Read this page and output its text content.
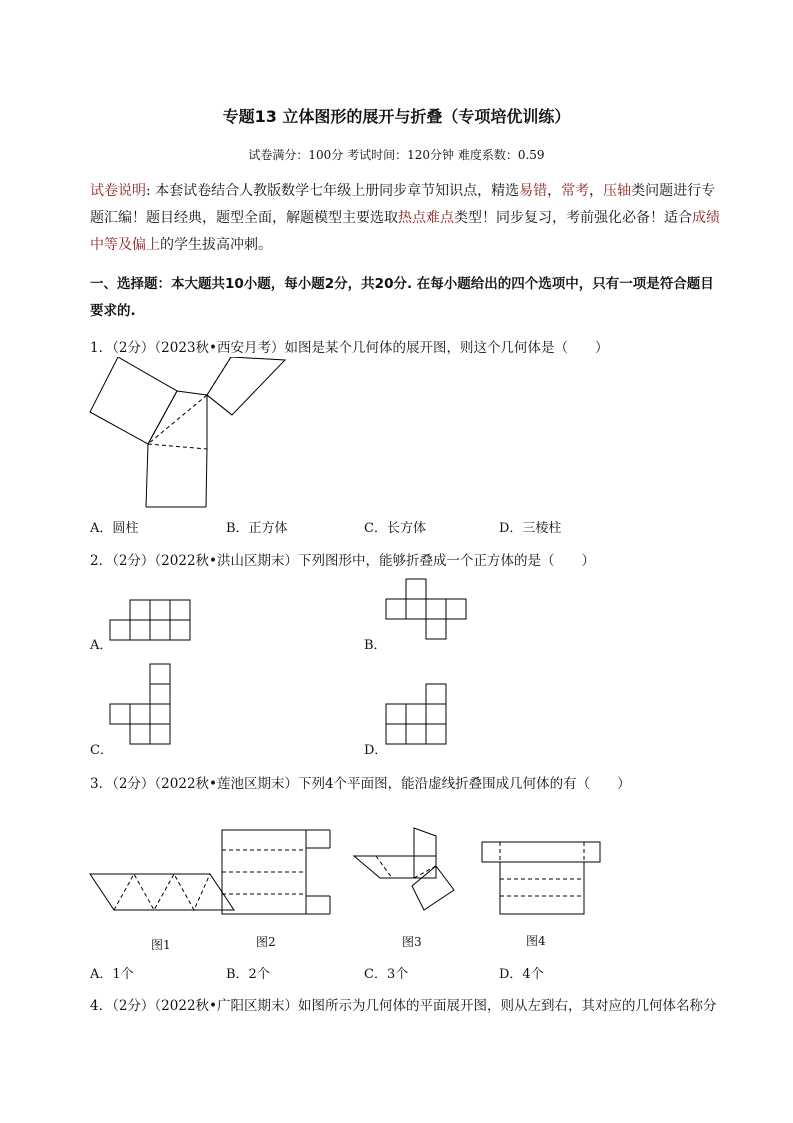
专题13 立体图形的展开与折叠（专项培优训练）
试卷满分：100分 考试时间：120分钟 难度系数：0.59
试卷说明: 本套试卷结合人教版数学七年级上册同步章节知识点，精选易错，常考，压轴类问题进行专题汇编！题目经典，题型全面，解题模型主要选取热点难点类型！同步复习，考前强化必备！适合成绩中等及偏上的学生拔高冲刺。
一、选择题：本大题共10小题，每小题2分，共20分. 在每小题给出的四个选项中，只有一项是符合题目要求的.
1．（2分）（2023秋•西安月考）如图是某个几何体的展开图，则这个几何体是（　　）
A．圆柱	B．正方体	C．长方体	D．三棱柱
2．（2分）（2022秋•洪山区期末）下列图形中，能够折叠成一个正方体的是（　　）
A．	B．
C．	D．
3．（2分）（2022秋•莲池区期末）下列4个平面图，能沿虚线折叠围成几何体的有（　　）
图1	图2	图3	图4
A．1个	B．2个	C．3个	D．4个
4．（2分）（2022秋•广阳区期末）如图所示为几何体的平面展开图，则从左到右，其对应的几何体名称分
